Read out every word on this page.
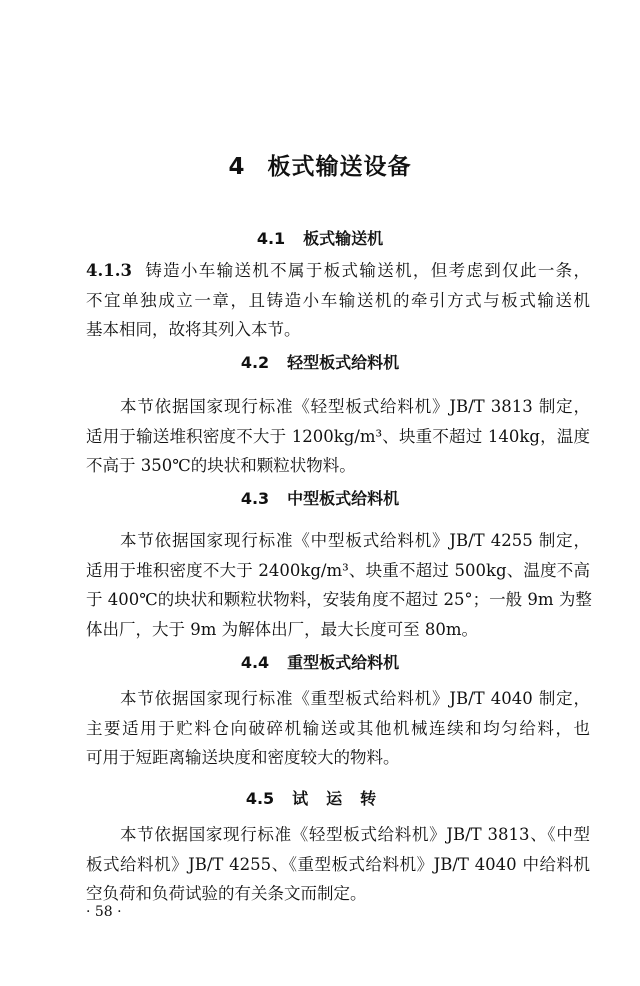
4 板式输送设备
4.1 板式输送机
4.1.3 铸造小车输送机不属于板式输送机，但考虑到仅此一条，
不宜单独成立一章，且铸造小车输送机的牵引方式与板式输送机
基本相同，故将其列入本节。
4.2 轻型板式给料机
本节依据国家现行标准《轻型板式给料机》JB/T 3813 制定，
适用于输送堆积密度不大于 1200kg/m³、块重不超过 140kg，温度
不高于 350℃的块状和颗粒状物料。
4.3 中型板式给料机
本节依据国家现行标准《中型板式给料机》JB/T 4255 制定，
适用于堆积密度不大于 2400kg/m³、块重不超过 500kg、温度不高
于 400℃的块状和颗粒状物料，安装角度不超过 25°；一般 9m 为整
体出厂，大于 9m 为解体出厂，最大长度可至 80m。
4.4 重型板式给料机
本节依据国家现行标准《重型板式给料机》JB/T 4040 制定，
主要适用于贮料仓向破碎机输送或其他机械连续和均匀给料，也
可用于短距离输送块度和密度较大的物料。
4.5 试运转
本节依据国家现行标准《轻型板式给料机》JB/T 3813、《中型
板式给料机》JB/T 4255、《重型板式给料机》JB/T 4040 中给料机
空负荷和负荷试验的有关条文而制定。
· 58 ·
